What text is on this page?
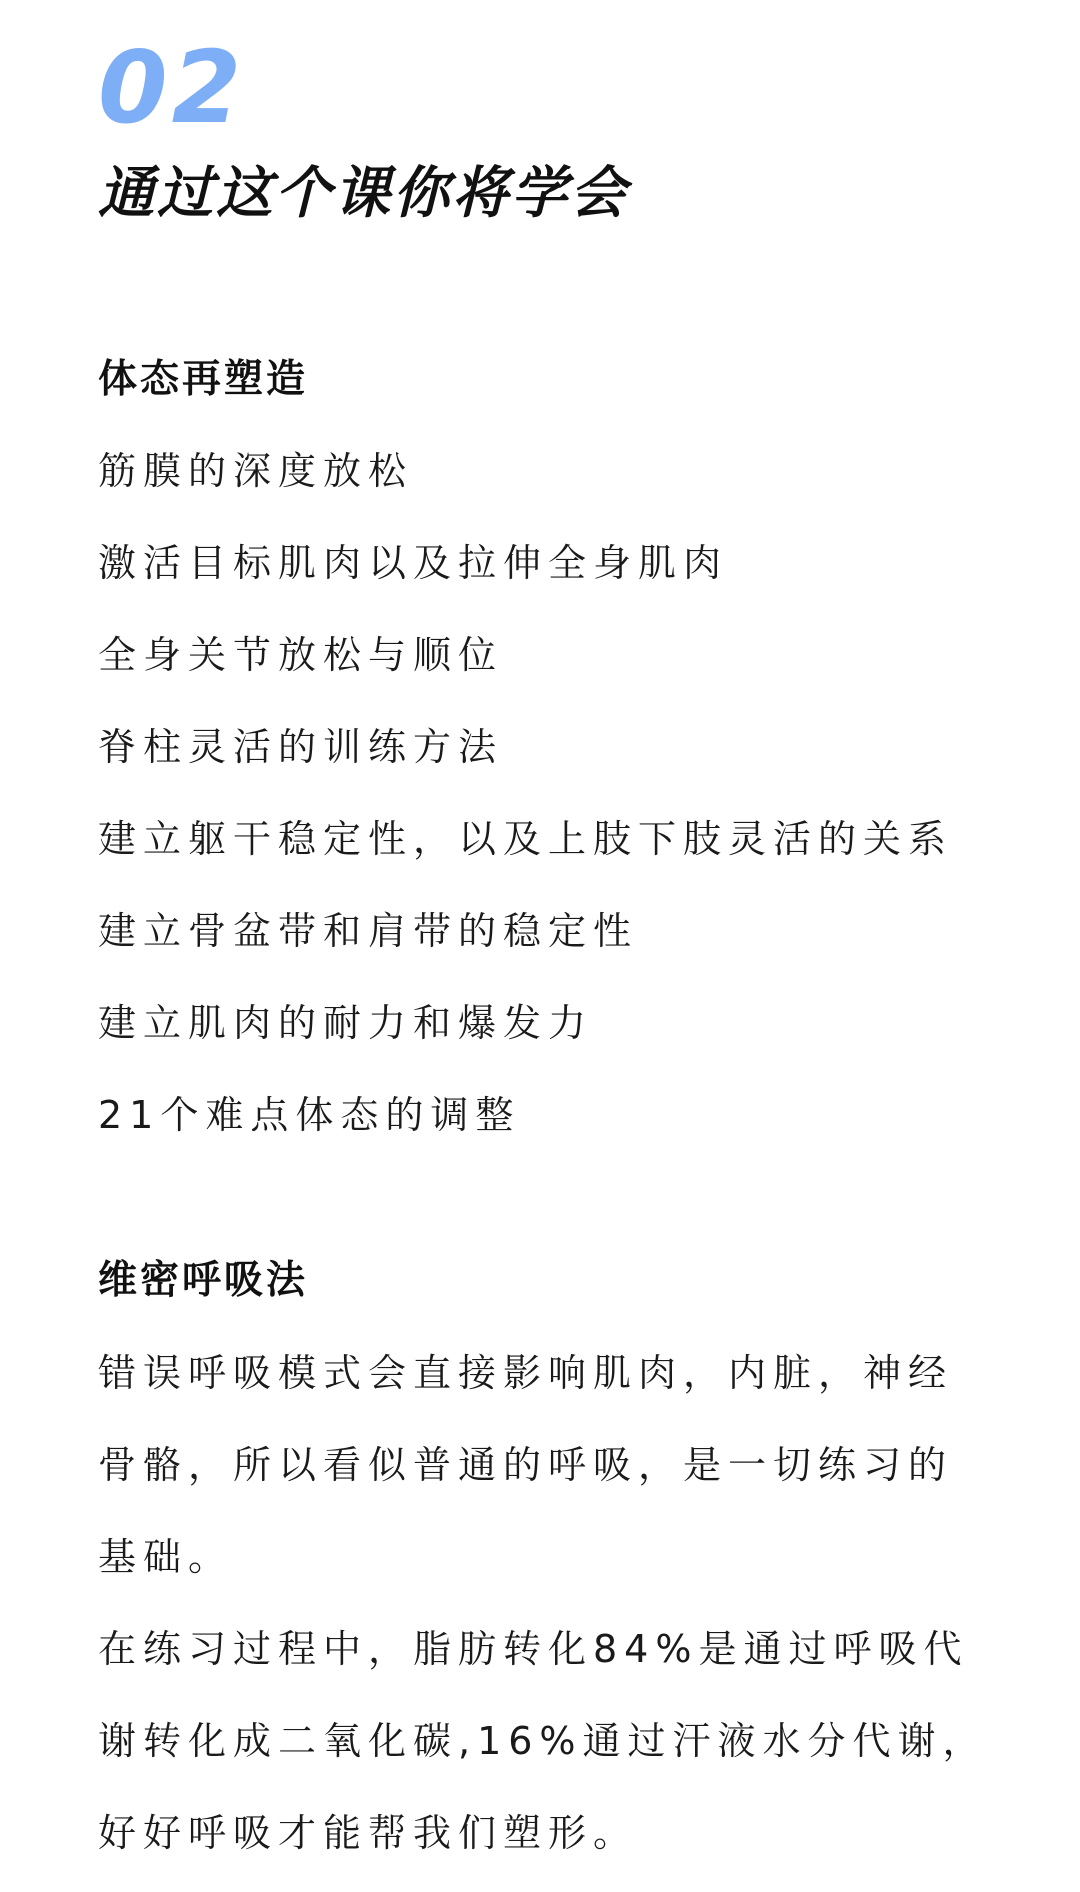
02
通过这个课你将学会
体态再塑造
筋膜的深度放松
激活目标肌肉以及拉伸全身肌肉
全身关节放松与顺位
脊柱灵活的训练方法
建立躯干稳定性，以及上肢下肢灵活的关系
建立骨盆带和肩带的稳定性
建立肌肉的耐力和爆发力
21个难点体态的调整
维密呼吸法
错误呼吸模式会直接影响肌肉，内脏，神经
骨骼，所以看似普通的呼吸，是一切练习的
基础。
在练习过程中，脂肪转化84%是通过呼吸代
谢转化成二氧化碳,16%通过汗液水分代谢，
好好呼吸才能帮我们塑形。
